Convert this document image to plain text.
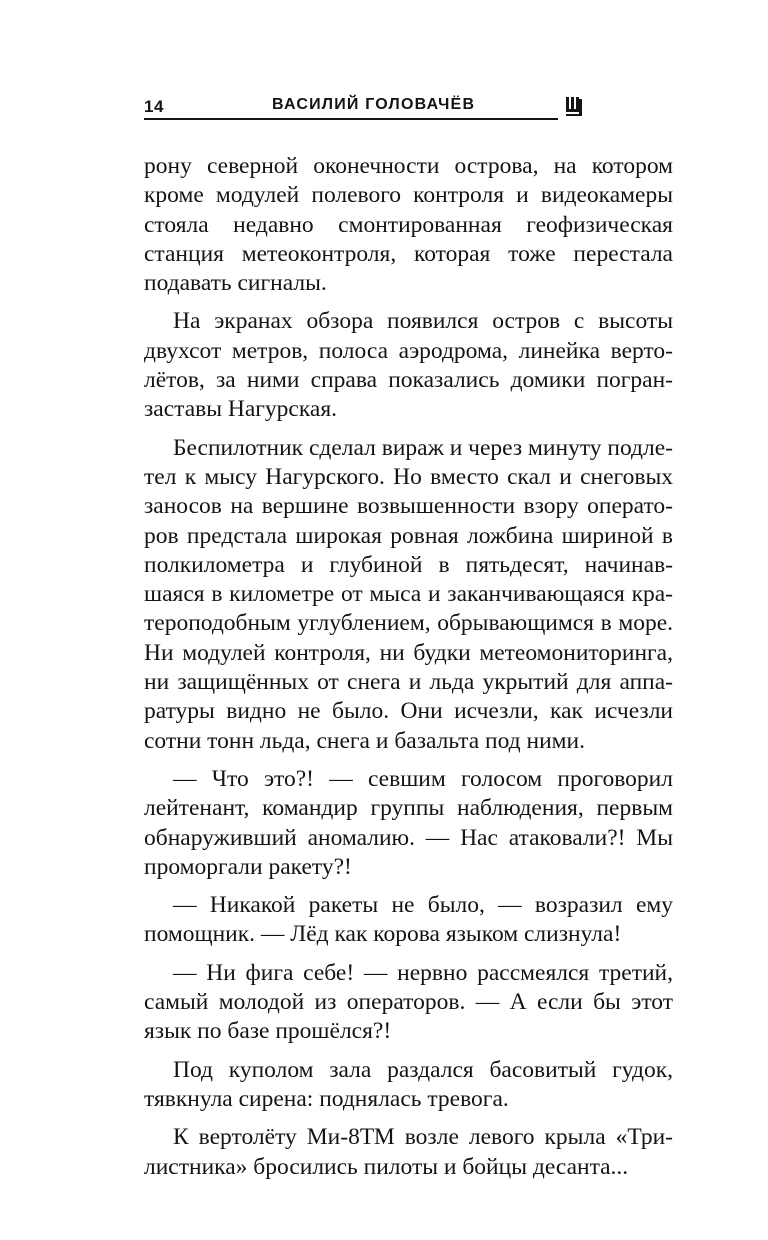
14	ВАСИЛИЙ ГОЛОВАЧЁВ

рону северной оконечности острова, на котором кроме модулей полевого контроля и видеокамеры стояла недавно смонтированная геофизическая станция метеоконтроля, которая тоже перестала подавать сигналы.

На экранах обзора появился остров с высоты двухсот метров, полоса аэродрома, линейка вертолётов, за ними справа показались домики погранзаставы Нагурская.

Беспилотник сделал вираж и через минуту подлетел к мысу Нагурского. Но вместо скал и снеговых заносов на вершине возвышенности взору операторов предстала широкая ровная ложбина шириной в полкилометра и глубиной в пятьдесят, начинавшаяся в километре от мыса и заканчивающаяся кратероподобным углублением, обрывающимся в море. Ни модулей контроля, ни будки метеомониторинга, ни защищённых от снега и льда укрытий для аппаратуры видно не было. Они исчезли, как исчезли сотни тонн льда, снега и базальта под ними.

— Что это?! — севшим голосом проговорил лейтенант, командир группы наблюдения, первым обнаруживший аномалию. — Нас атаковали?! Мы проморгали ракету?!

— Никакой ракеты не было, — возразил ему помощник. — Лёд как корова языком слизнула!

— Ни фига себе! — нервно рассмеялся третий, самый молодой из операторов. — А если бы этот язык по базе прошёлся?!

Под куполом зала раздался басовитый гудок, тявкнула сирена: поднялась тревога.

К вертолёту Ми-8ТМ возле левого крыла «Трилистника» бросились пилоты и бойцы десанта...
